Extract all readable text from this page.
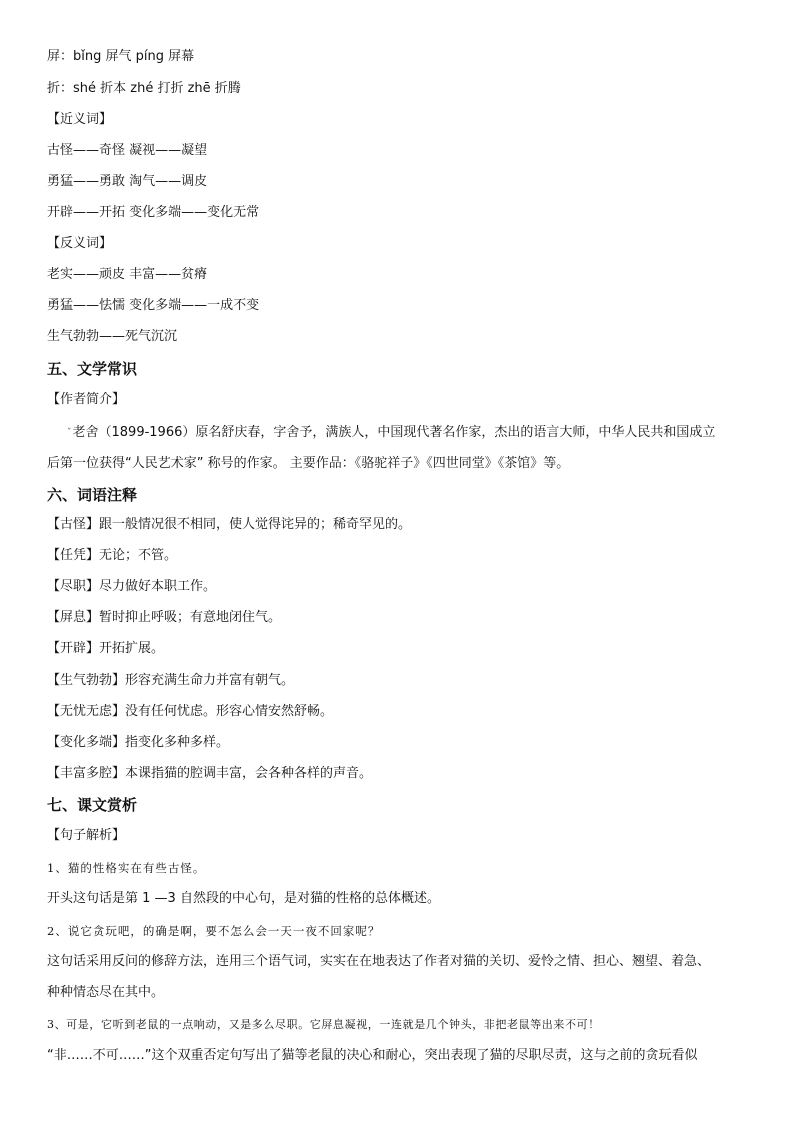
屏：bǐng 屏气 píng 屏幕
折：shé 折本 zhé 打折 zhē 折腾
【近义词】
古怪——奇怪 凝视——凝望
勇猛——勇敢 淘气——调皮
开辟——开拓 变化多端——变化无常
【反义词】
老实——顽皮 丰富——贫瘠
勇猛——怯懦 变化多端——一成不变
生气勃勃——死气沉沉
五、文学常识
【作者简介】
$^ˇ$老舍（1899-1966）原名舒庆春，字舍予，满族人，中国现代著名作家，杰出的语言大师，中华人民共和国成立
后第一位获得“人民艺术家” 称号的作家。 主要作品：《骆驼祥子》《四世同堂》《茶馆》等。
六、词语注释
【古怪】跟一般情况很不相同，使人觉得诧异的；稀奇罕见的。
【任凭】无论；不管。
【尽职】尽力做好本职工作。
【屏息】暂时抑止呼吸；有意地闭住气。
【开辟】开拓扩展。
【生气勃勃】形容充满生命力并富有朝气。
【无忧无虑】没有任何忧虑。形容心情安然舒畅。
【变化多端】指变化多种多样。
【丰富多腔】本课指猫的腔调丰富，会各种各样的声音。
七、课文赏析
【句子解析】
1、猫的性格实在有些古怪。
开头这句话是第 1 —3 自然段的中心句，是对猫的性格的总体概述。
2、说它贪玩吧，的确是啊，要不怎么会一天一夜不回家呢？
这句话采用反问的修辞方法，连用三个语气词，实实在在地表达了作者对猫的关切、爱怜之情、担心、翘望、着急、
种种情态尽在其中。
3、可是，它听到老鼠的一点响动，又是多么尽职。它屏息凝视，一连就是几个钟头，非把老鼠等出来不可！
“非……不可……”这个双重否定句写出了猫等老鼠的决心和耐心，突出表现了猫的尽职尽责，这与之前的贪玩看似
